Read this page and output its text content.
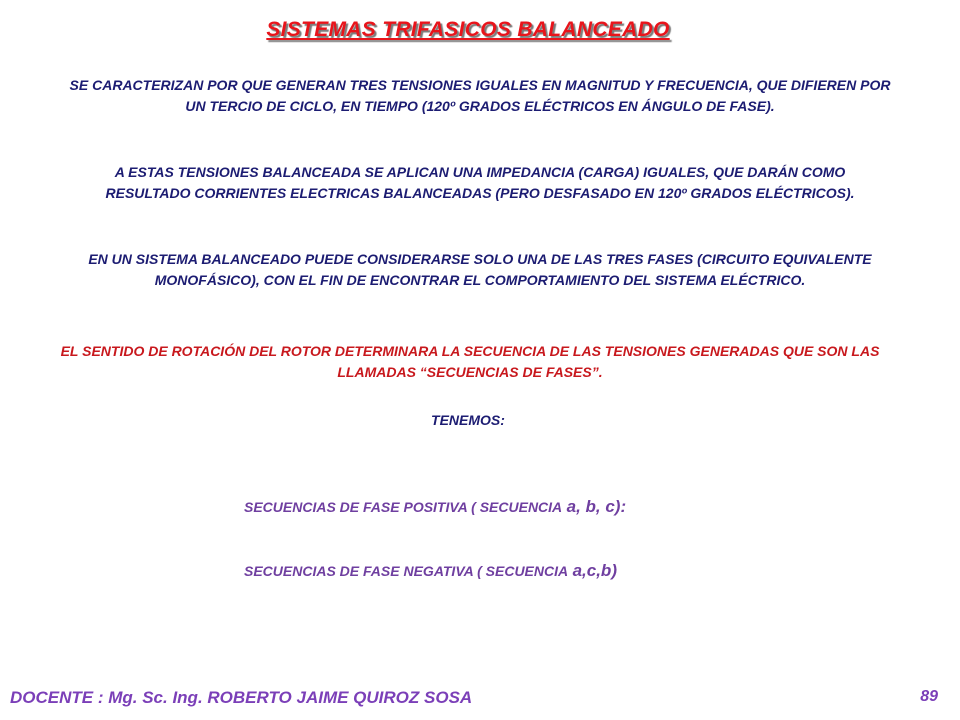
SISTEMAS TRIFASICOS BALANCEADO

SE CARACTERIZAN POR QUE GENERAN TRES TENSIONES IGUALES EN MAGNITUD Y FRECUENCIA, QUE DIFIEREN POR UN TERCIO DE CICLO, EN TIEMPO (120º GRADOS ELÉCTRICOS EN ÁNGULO DE FASE).

A ESTAS TENSIONES BALANCEADA SE APLICAN UNA IMPEDANCIA (CARGA) IGUALES, QUE DARÁN COMO RESULTADO CORRIENTES ELECTRICAS BALANCEADAS (PERO DESFASADO EN 120º GRADOS ELÉCTRICOS).

EN UN SISTEMA BALANCEADO PUEDE CONSIDERARSE SOLO UNA DE LAS TRES FASES (CIRCUITO EQUIVALENTE MONOFÁSICO), CON EL FIN DE ENCONTRAR EL COMPORTAMIENTO DEL SISTEMA ELÉCTRICO.

EL SENTIDO DE ROTACIÓN DEL ROTOR DETERMINARA LA SECUENCIA DE LAS TENSIONES GENERADAS QUE SON LAS LLAMADAS “SECUENCIAS DE FASES”.

TENEMOS:

SECUENCIAS DE FASE POSITIVA ( SECUENCIA a, b, c):
SECUENCIAS DE FASE NEGATIVA ( SECUENCIA a,c,b)
DOCENTE : Mg. Sc. Ing. ROBERTO JAIME QUIROZ SOSA	89
